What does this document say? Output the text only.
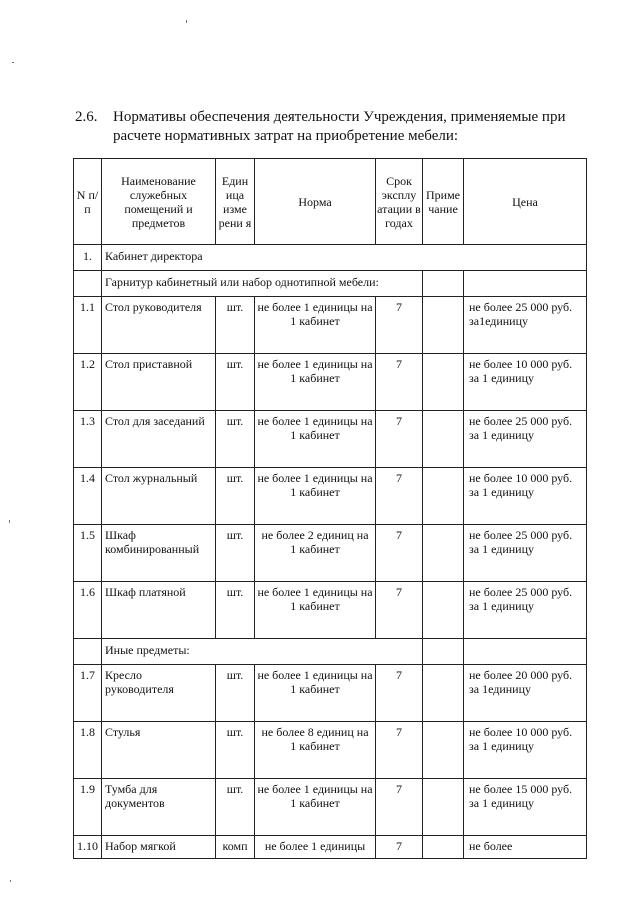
2.6. Нормативы обеспечения деятельности Учреждения, применяемые при
расчете нормативных затрат на приобретение мебели:
N п/п	Наименование служебных помещений и предметов	Един ица изме рени я	Норма	Срок эксплу атации в годах	Приме чание	Цена
1.	Кабинет директора					
	Гарнитур кабинетный или набор однотипной мебели:					
1.1	Стол руководителя	шт.	не более 1 единицы на 1 кабинет	7		не более 25 000 руб. за1единицу
1.2	Стол приставной	шт.	не более 1 единицы на 1 кабинет	7		не более 10 000 руб. за 1 единицу
1.3	Стол для заседаний	шт.	не более 1 единицы на 1 кабинет	7		не более 25 000 руб. за 1 единицу
1.4	Стол журнальный	шт.	не более 1 единицы на 1 кабинет	7		не более 10 000 руб. за 1 единицу
1.5	Шкаф комбинированный	шт.	не более 2 единиц на 1 кабинет	7		не более 25 000 руб. за 1 единицу
1.6	Шкаф платяной	шт.	не более 1 единицы на 1 кабинет	7		не более 25 000 руб. за 1 единицу
	Иные предметы:					
1.7	Кресло руководителя	шт.	не более 1 единицы на 1 кабинет	7		не более 20 000 руб. за 1единицу
1.8	Стулья	шт.	не более 8 единиц на 1 кабинет	7		не более 10 000 руб. за 1 единицу
1.9	Тумба для документов	шт.	не более 1 единицы на 1 кабинет	7		не более 15 000 руб. за 1 единицу
1.10	Набор мягкой	комп	не более 1 единицы	7		не более
